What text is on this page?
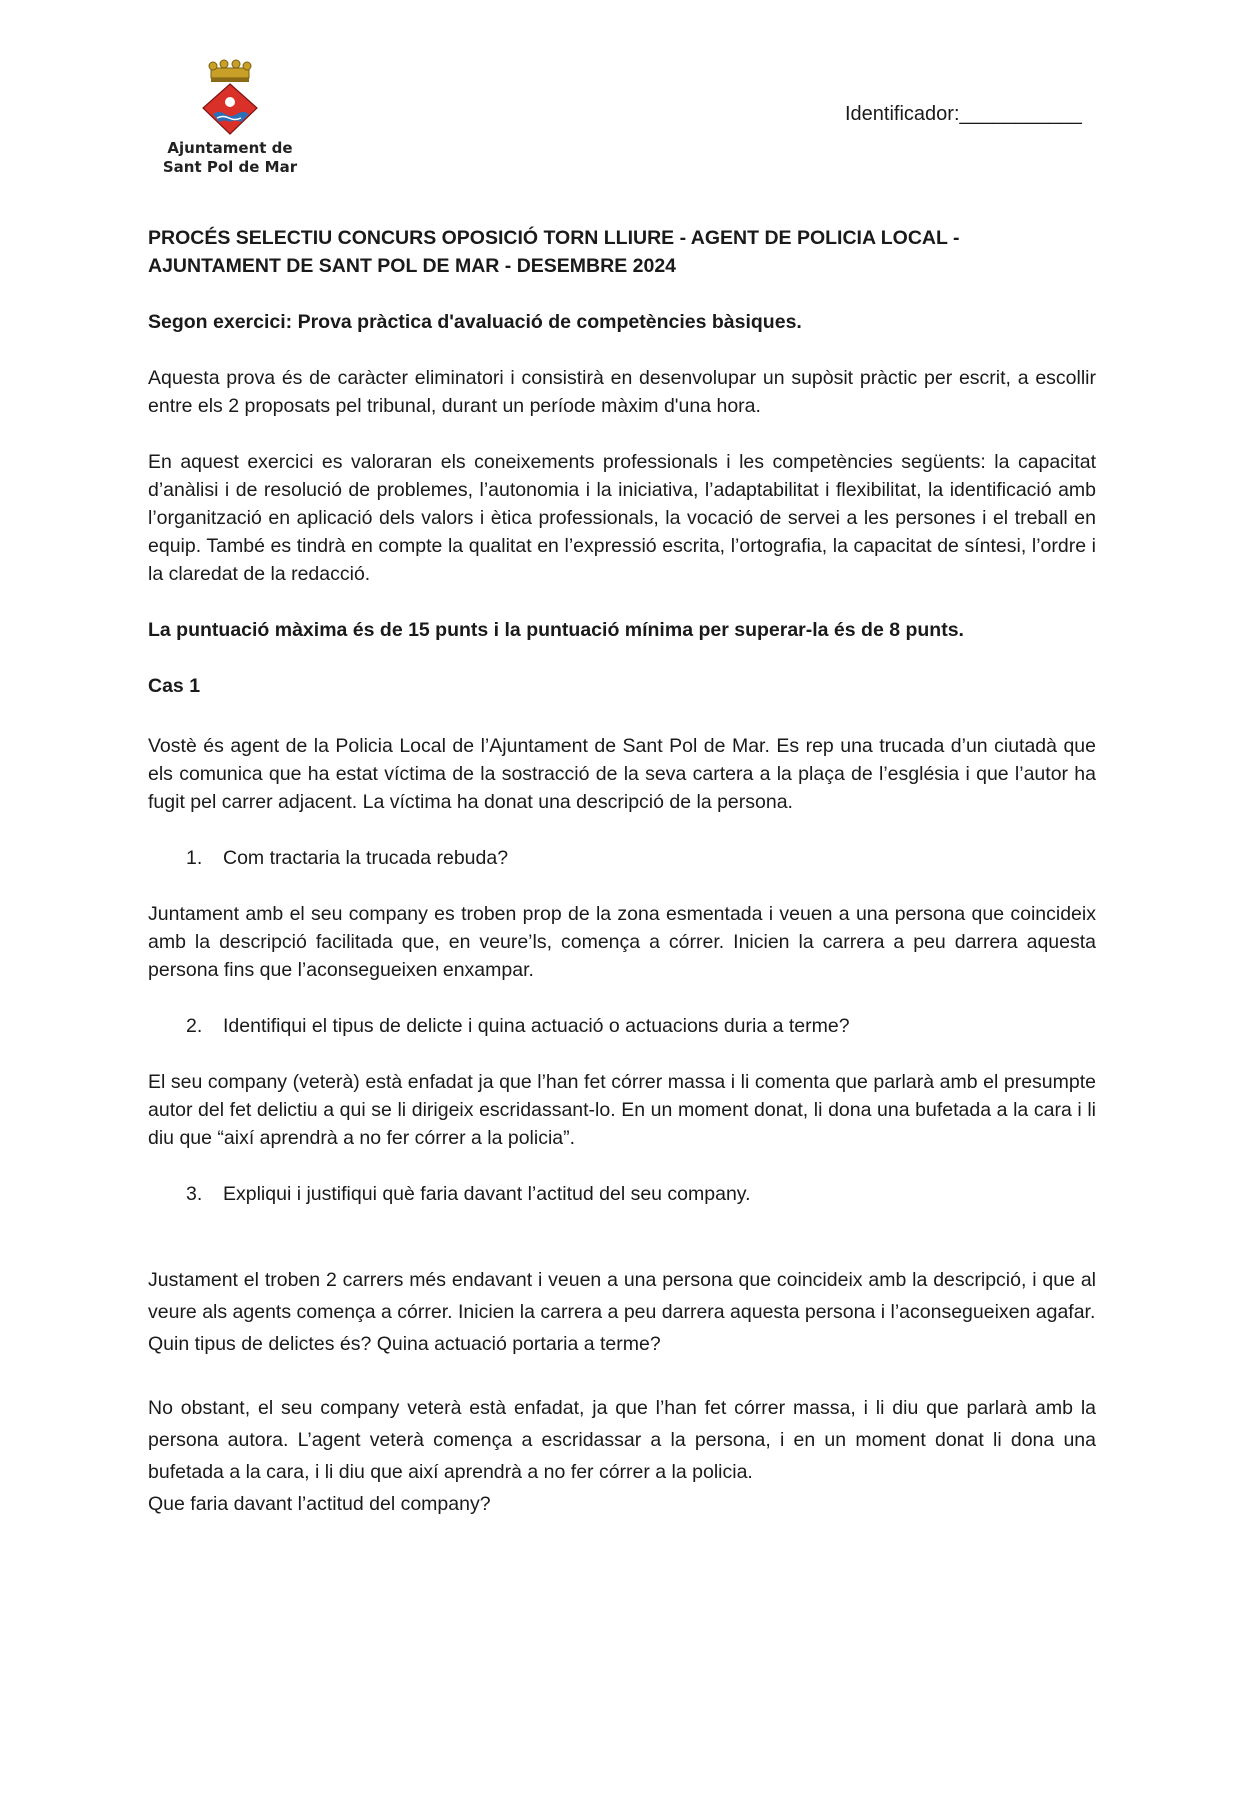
Ajuntament de
Sant Pol de Mar
Identificador:___________

PROCÉS SELECTIU CONCURS OPOSICIÓ TORN LLIURE - AGENT DE POLICIA LOCAL - AJUNTAMENT DE SANT POL DE MAR - DESEMBRE 2024

Segon exercici: Prova pràctica d'avaluació de competències bàsiques.

Aquesta prova és de caràcter eliminatori i consistirà en desenvolupar un supòsit pràctic per escrit, a escollir entre els 2 proposats pel tribunal, durant un període màxim d'una hora.

En aquest exercici es valoraran els coneixements professionals i les competències següents: la capacitat d’anàlisi i de resolució de problemes, l’autonomia i la iniciativa, l’adaptabilitat i flexibilitat, la identificació amb l’organització en aplicació dels valors i ètica professionals, la vocació de servei a les persones i el treball en equip. També es tindrà en compte la qualitat en l’expressió escrita, l’ortografia, la capacitat de síntesi, l’ordre i la claredat de la redacció.

La puntuació màxima és de 15 punts i la puntuació mínima per superar-la és de 8 punts.

Cas 1

Vostè és agent de la Policia Local de l’Ajuntament de Sant Pol de Mar. Es rep una trucada d’un ciutadà que els comunica que ha estat víctima de la sostracció de la seva cartera a la plaça de l’església i que l’autor ha fugit pel carrer adjacent. La víctima ha donat una descripció de la persona.

1.	Com tractaria la trucada rebuda?

Juntament amb el seu company es troben prop de la zona esmentada i veuen a una persona que coincideix amb la descripció facilitada que, en veure’ls, comença a córrer. Inicien la carrera a peu darrera aquesta persona fins que l’aconsegueixen enxampar.

2.	Identifiqui el tipus de delicte i quina actuació o actuacions duria a terme?

El seu company (veterà) està enfadat ja que l’han fet córrer massa i li comenta que parlarà amb el presumpte autor del fet delictiu a qui se li dirigeix escridassant-lo. En un moment donat, li dona una bufetada a la cara i li diu que “així aprendrà a no fer córrer a la policia”.

3.	Expliqui i justifiqui què faria davant l’actitud del seu company.

Justament el troben 2 carrers més endavant i veuen a una persona que coincideix amb la descripció, i que al veure als agents comença a córrer. Inicien la carrera a peu darrera aquesta persona i l’aconsegueixen agafar.

Quin tipus de delictes és? Quina actuació portaria a terme?

No obstant, el seu company veterà està enfadat, ja que l’han fet córrer massa, i li diu que parlarà amb la persona autora. L’agent veterà comença a escridassar a la persona, i en un moment donat li dona una bufetada a la cara, i li diu que així aprendrà a no fer córrer a la policia.

Que faria davant l’actitud del company?
